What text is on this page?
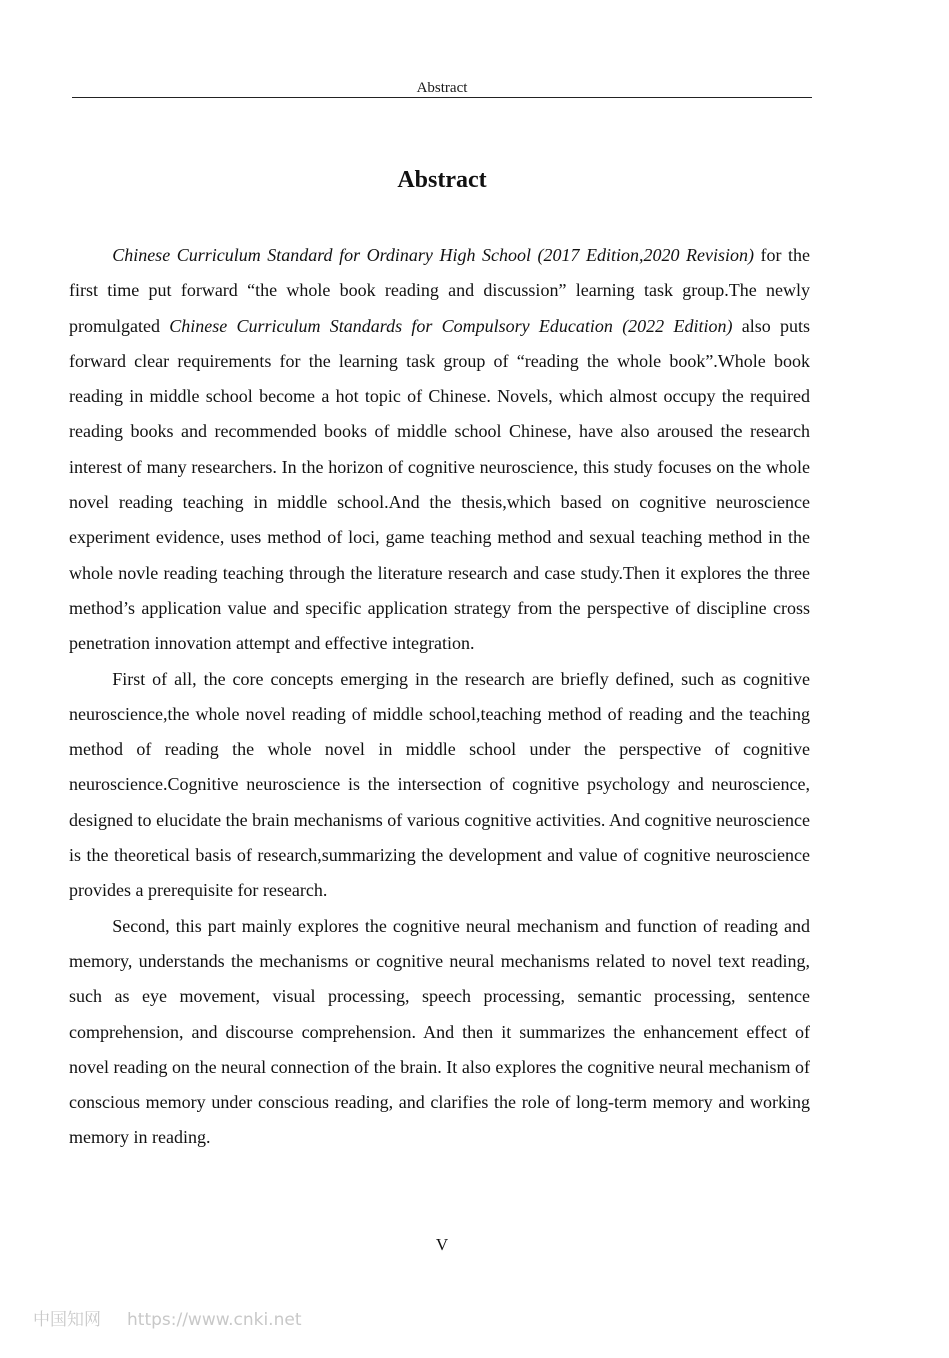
Abstract
Abstract

Chinese Curriculum Standard for Ordinary High School (2017 Edition,2020 Revision) for the first time put forward “the whole book reading and discussion” learning task group.The newly promulgated Chinese Curriculum Standards for Compulsory Education (2022 Edition) also puts forward clear requirements for the learning task group of “reading the whole book”.Whole book reading in middle school become a hot topic of Chinese. Novels, which almost occupy the required reading books and recommended books of middle school Chinese, have also aroused the research interest of many researchers. In the horizon of cognitive neuroscience, this study focuses on the whole novel reading teaching in middle school.And the thesis,which based on cognitive neuroscience experiment evidence, uses method of loci, game teaching method and sexual teaching method in the whole novle reading teaching through the literature research and case study.Then it explores the three method’s application value and specific application strategy from the perspective of discipline cross penetration innovation attempt and effective integration.

First of all, the core concepts emerging in the research are briefly defined, such as cognitive neuroscience,the whole novel reading of middle school,teaching method of reading and the teaching method of reading the whole novel in middle school under the perspective of cognitive neuroscience.Cognitive neuroscience is the intersection of cognitive psychology and neuroscience, designed to elucidate the brain mechanisms of various cognitive activities. And cognitive neuroscience is the theoretical basis of research,summarizing the development and value of cognitive neuroscience provides a prerequisite for research.

Second, this part mainly explores the cognitive neural mechanism and function of reading and memory, understands the mechanisms or cognitive neural mechanisms related to novel text reading, such as eye movement, visual processing, speech processing, semantic processing, sentence comprehension, and discourse comprehension. And then it summarizes the enhancement effect of novel reading on the neural connection of the brain. It also explores the cognitive neural mechanism of conscious memory under conscious reading, and clarifies the role of long-term memory and working memory in reading.

V
中国知网 https://www.cnki.net
